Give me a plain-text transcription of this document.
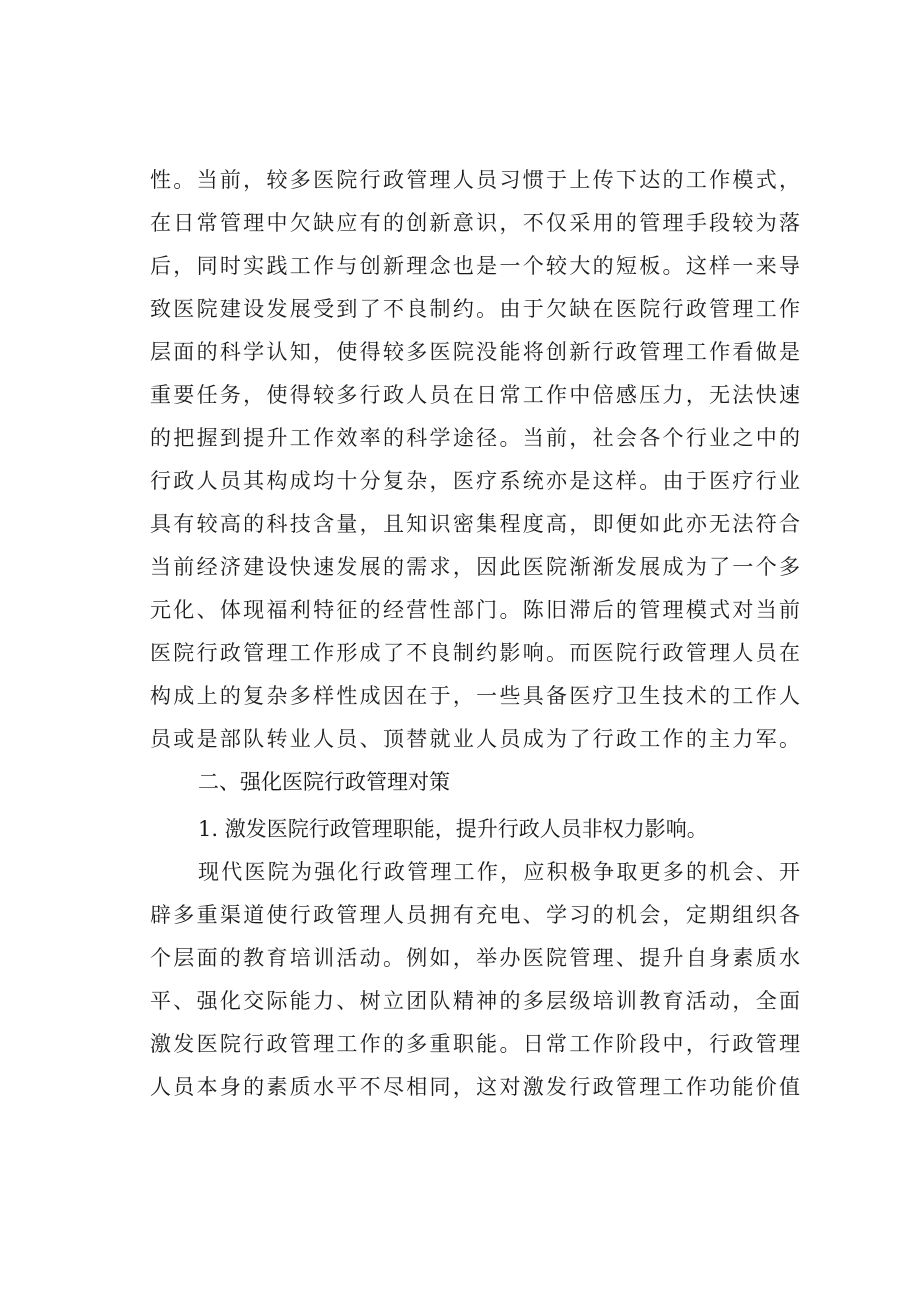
性。当前，较多医院行政管理人员习惯于上传下达的工作模式，
在日常管理中欠缺应有的创新意识，不仅采用的管理手段较为落
后，同时实践工作与创新理念也是一个较大的短板。这样一来导
致医院建设发展受到了不良制约。由于欠缺在医院行政管理工作
层面的科学认知，使得较多医院没能将创新行政管理工作看做是
重要任务，使得较多行政人员在日常工作中倍感压力，无法快速
的把握到提升工作效率的科学途径。当前，社会各个行业之中的
行政人员其构成均十分复杂，医疗系统亦是这样。由于医疗行业
具有较高的科技含量，且知识密集程度高，即便如此亦无法符合
当前经济建设快速发展的需求，因此医院渐渐发展成为了一个多
元化、体现福利特征的经营性部门。陈旧滞后的管理模式对当前
医院行政管理工作形成了不良制约影响。而医院行政管理人员在
构成上的复杂多样性成因在于，一些具备医疗卫生技术的工作人
员或是部队转业人员、顶替就业人员成为了行政工作的主力军。
二、强化医院行政管理对策
1. 激发医院行政管理职能，提升行政人员非权力影响。
现代医院为强化行政管理工作，应积极争取更多的机会、开
辟多重渠道使行政管理人员拥有充电、学习的机会，定期组织各
个层面的教育培训活动。例如，举办医院管理、提升自身素质水
平、强化交际能力、树立团队精神的多层级培训教育活动，全面
激发医院行政管理工作的多重职能。日常工作阶段中，行政管理
人员本身的素质水平不尽相同，这对激发行政管理工作功能价值
